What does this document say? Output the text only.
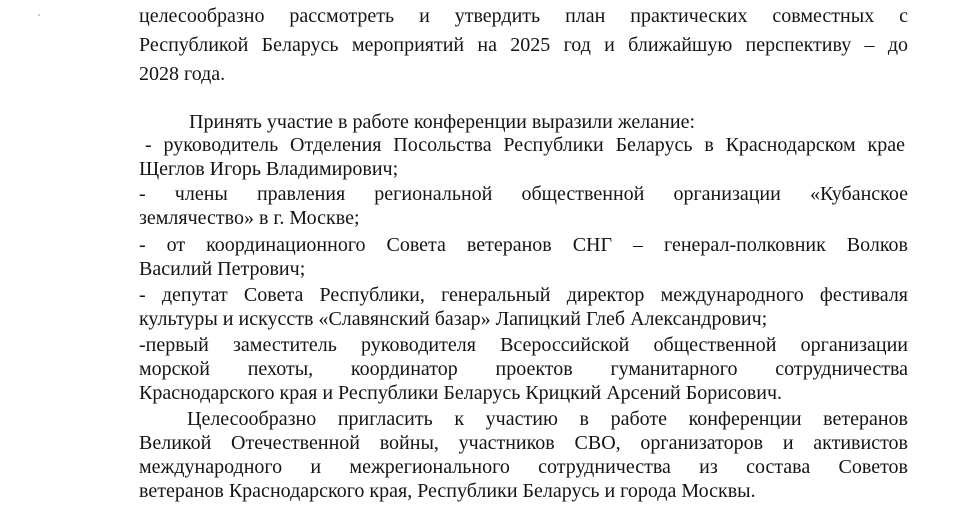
целесообразно рассмотреть и утвердить план практических совместных с
Республикой Беларусь мероприятий на 2025 год и ближайшую перспективу – до
2028 года.
Принять участие в работе конференции выразили желание:
- руководитель Отделения Посольства Республики Беларусь в Краснодарском крае
Щеглов Игорь Владимирович;
- члены правления региональной общественной организации «Кубанское
землячество» в г. Москве;
- от координационного Совета ветеранов СНГ – генерал-полковник Волков
Василий Петрович;
- депутат Совета Республики, генеральный директор международного фестиваля
культуры и искусств «Славянский базар» Лапицкий Глеб Александрович;
-первый заместитель руководителя Всероссийской общественной организации
морской пехоты, координатор проектов гуманитарного сотрудничества
Краснодарского края и Республики Беларусь Крицкий Арсений Борисович.
Целесообразно пригласить к участию в работе конференции ветеранов
Великой Отечественной войны, участников СВО, организаторов и активистов
международного и межрегионального сотрудничества из состава Советов
ветеранов Краснодарского края, Республики Беларусь и города Москвы.
